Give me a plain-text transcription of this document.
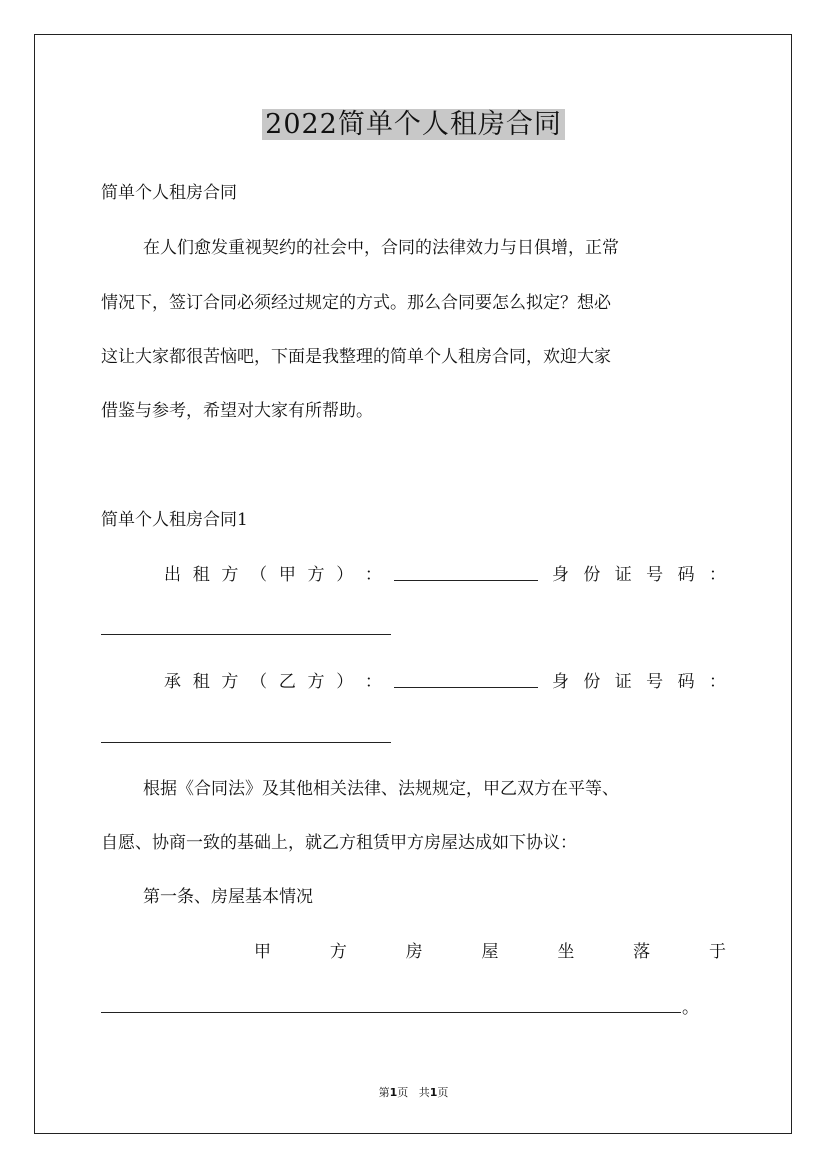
2022简单个人租房合同
简单个人租房合同
在人们愈发重视契约的社会中，合同的法律效力与日俱增，正常
情况下，签订合同必须经过规定的方式。那么合同要怎么拟定？想必
这让大家都很苦恼吧，下面是我整理的简单个人租房合同，欢迎大家
借鉴与参考，希望对大家有所帮助。
简单个人租房合同1
出 租 方 （ 甲 方 ） ：	身 份 证 号 码 ：
承 租 方 （ 乙 方 ） ：	身 份 证 号 码 ：
根据《合同法》及其他相关法律、法规规定，甲乙双方在平等、
自愿、协商一致的基础上，就乙方租赁甲方房屋达成如下协议：
第一条、房屋基本情况
甲	方	房	屋	坐	落	于
。
第1页 共1页
